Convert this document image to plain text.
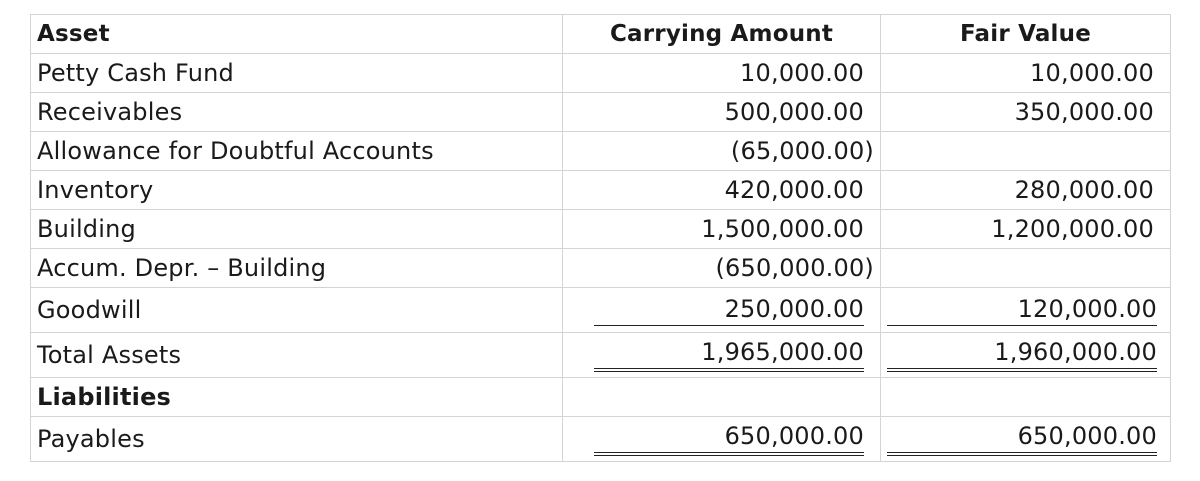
Asset	Carrying Amount	Fair Value
Petty Cash Fund	10,000.00	10,000.00
Receivables	500,000.00	350,000.00
Allowance for Doubtful Accounts	(65,000.00)	
Inventory	420,000.00	280,000.00
Building	1,500,000.00	1,200,000.00
Accum. Depr. – Building	(650,000.00)	
Goodwill	250,000.00	120,000.00

Total Assets	1,965,000.00	1,960,000.00

Liabilities		
Payables	650,000.00	650,000.00
